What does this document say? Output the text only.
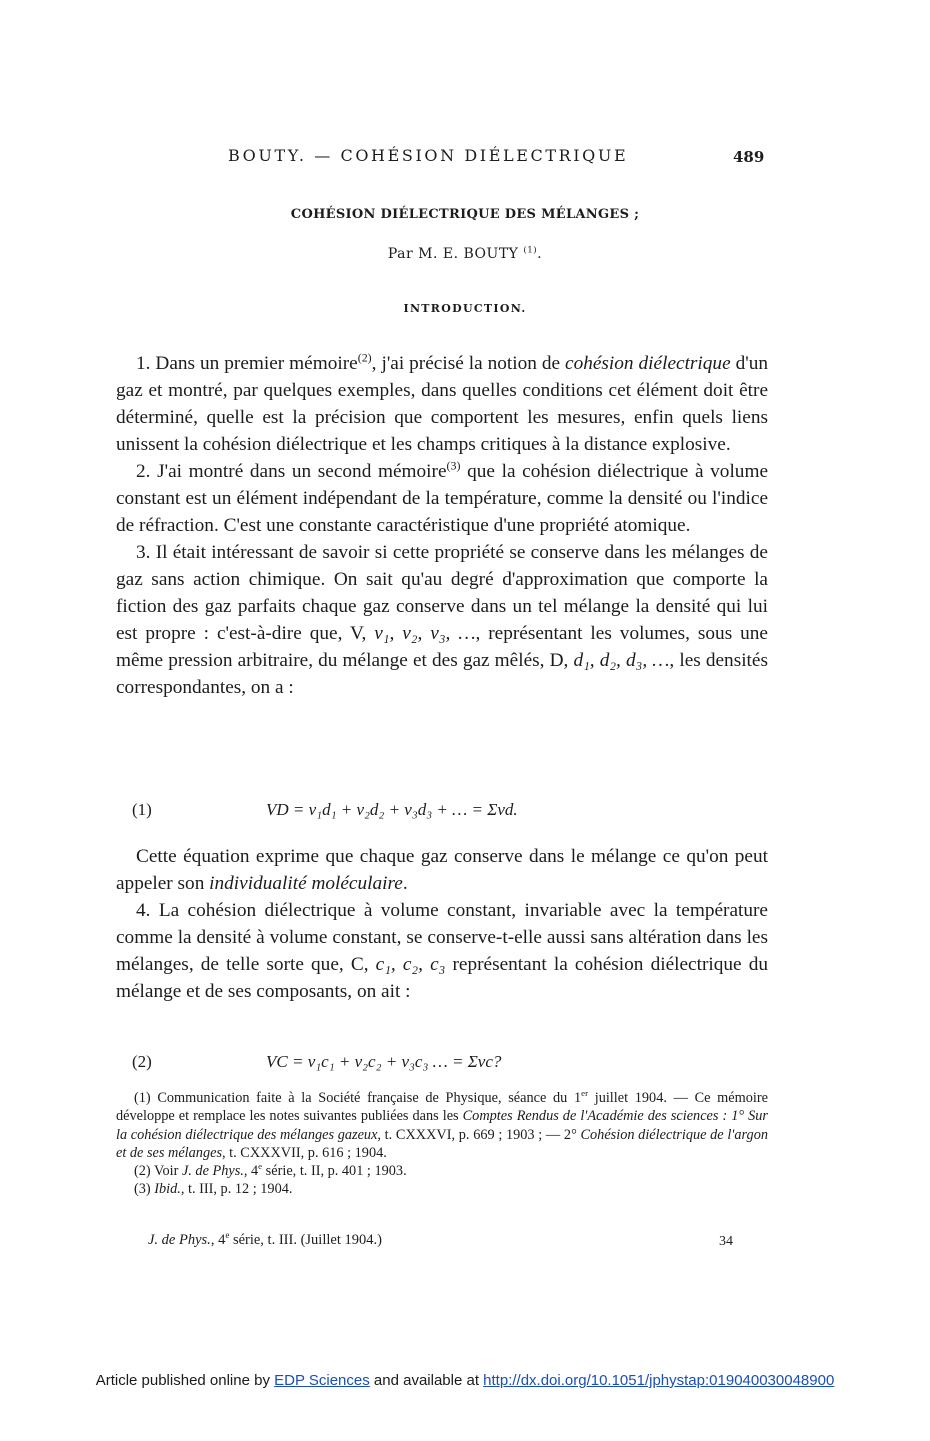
BOUTY. — COHÉSION DIÉLECTRIQUE	489
COHÉSION DIÉLECTRIQUE DES MÉLANGES ;
Par M. E. BOUTY $^{(1)}$.
INTRODUCTION.

1. Dans un premier mémoire$^{(2)}$, j'ai précisé la notion de cohésion diélectrique d'un gaz et montré, par quelques exemples, dans quelles conditions cet élément doit être déterminé, quelle est la précision que comportent les mesures, enfin quels liens unissent la cohésion diélectrique et les champs critiques à la distance explosive.

2. J'ai montré dans un second mémoire$^{(3)}$ que la cohésion diélectrique à volume constant est un élément indépendant de la température, comme la densité ou l'indice de réfraction. C'est une constante caractéristique d'une propriété atomique.

3. Il était intéressant de savoir si cette propriété se conserve dans les mélanges de gaz sans action chimique. On sait qu'au degré d'approximation que comporte la fiction des gaz parfaits chaque gaz conserve dans un tel mélange la densité qui lui est propre : c'est-à-dire que, V, v₁, v₂, v₃, …, représentant les volumes, sous une même pression arbitraire, du mélange et des gaz mêlés, D, d₁, d₂, d₃, …, les densités correspondantes, on a :

(1)	VD = v₁d₁ + v₂d₂ + v₃d₃ + … = Σvd.

Cette équation exprime que chaque gaz conserve dans le mélange ce qu'on peut appeler son individualité moléculaire.

4. La cohésion diélectrique à volume constant, invariable avec la température comme la densité à volume constant, se conserve-t-elle aussi sans altération dans les mélanges, de telle sorte que, C, c₁, c₂, c₃ représentant la cohésion diélectrique du mélange et de ses composants, on ait :

(2)	VC = v₁c₁ + v₂c₂ + v₃c₃ … = Σvc?

(1) Communication faite à la Société française de Physique, séance du 1er juillet 1904. — Ce mémoire développe et remplace les notes suivantes publiées dans les Comptes Rendus de l'Académie des sciences : 1° Sur la cohésion diélectrique des mélanges gazeux, t. CXXXVI, p. 669 ; 1903 ; — 2° Cohésion diélectrique de l'argon et de ses mélanges, t. CXXXVII, p. 616 ; 1904.

(2) Voir J. de Phys., 4e série, t. II, p. 401 ; 1903.

(3) Ibid., t. III, p. 12 ; 1904.

J. de Phys., 4e série, t. III. (Juillet 1904.)	34
Article published online by EDP Sciences and available at http://dx.doi.org/10.1051/jphystap:019040030048900
